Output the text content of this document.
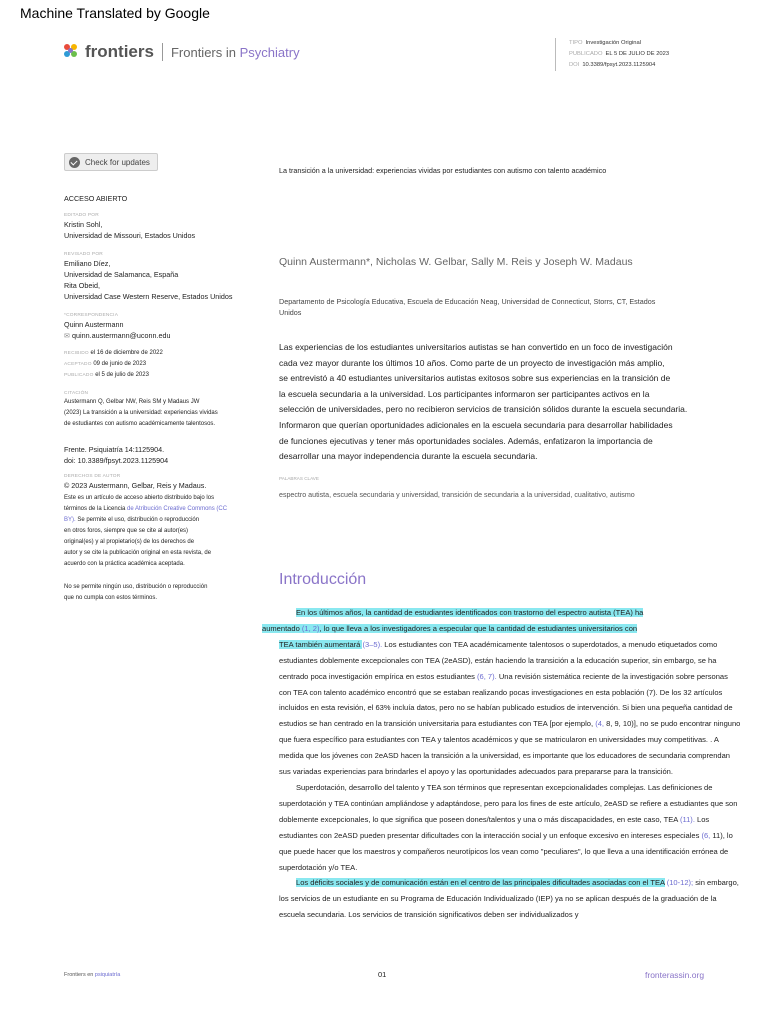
Machine Translated by Google
frontiers Frontiers in Psychiatry
TIPO Investigación Original
PUBLICADO EL 5 DE JULIO DE 2023
DOI 10.3389/fpsyt.2023.1125904
Check for updates
La transición a la universidad: experiencias vividas por estudiantes con autismo con talento académico
ACCESO ABIERTO
EDITADO POR
Kristin Sohl,
Universidad de Missouri, Estados Unidos
REVISADO POR
Emiliano Díez,
Universidad de Salamanca, España
Rita Obeid,
Universidad Case Western Reserve, Estados Unidos
*CORRESPONDENCIA
Quinn Austermann
✉ quinn.austermann@uconn.edu
RECIBIDO el 16 de diciembre de 2022
ACEPTADO 09 de junio de 2023
PUBLICADO el 5 de julio de 2023
CITACIÓN
Austermann Q, Gelbar NW, Reis SM y Madaus JW
(2023) La transición a la universidad: experiencias vividas
de estudiantes con autismo académicamente talentosos.
Frente. Psiquiatría 14:1125904.
doi: 10.3389/fpsyt.2023.1125904
DERECHOS DE AUTOR
© 2023 Austermann, Gelbar, Reis y Madaus.
Este es un artículo de acceso abierto distribuido bajo los
términos de la Licencia de Atribución Creative Commons (CC
BY). Se permite el uso, distribución o reproducción
en otros foros, siempre que se cite al autor(es)
original(es) y al propietario(s) de los derechos de
autor y se cite la publicación original en esta revista, de
acuerdo con la práctica académica aceptada.
No se permite ningún uso, distribución o reproducción
que no cumpla con estos términos.
Quinn Austermann*, Nicholas W. Gelbar, Sally M. Reis y Joseph W. Madaus
Departamento de Psicología Educativa, Escuela de Educación Neag, Universidad de Connecticut, Storrs, CT, Estados Unidos
Las experiencias de los estudiantes universitarios autistas se han convertido en un foco de investigación
cada vez mayor durante los últimos 10 años. Como parte de un proyecto de investigación más amplio,
se entrevistó a 40 estudiantes universitarios autistas exitosos sobre sus experiencias en la transición de
la escuela secundaria a la universidad. Los participantes informaron ser participantes activos en la
selección de universidades, pero no recibieron servicios de transición sólidos durante la escuela secundaria.
Informaron que querían oportunidades adicionales en la escuela secundaria para desarrollar habilidades
de funciones ejecutivas y tener más oportunidades sociales. Además, enfatizaron la importancia de
desarrollar una mayor independencia durante la escuela secundaria.
PALABRAS CLAVE
espectro autista, escuela secundaria y universidad, transición de secundaria a la universidad, cualitativo, autismo
Introducción

En los últimos años, la cantidad de estudiantes identificados con trastorno del espectro autista (TEA) ha
aumentado (1, 2), lo que lleva a los investigadores a especular que la cantidad de estudiantes universitarios con
TEA también aumentará (3–5). Los estudiantes con TEA académicamente talentosos o superdotados, a menudo etiquetados como estudiantes doblemente excepcionales con TEA (2eASD), están haciendo la transición a la educación superior, sin embargo, se ha centrado poca investigación empírica en estos estudiantes (6, 7). Una revisión sistemática reciente de la investigación sobre personas con TEA con talento académico encontró que se estaban realizando pocas investigaciones en esta población (7). De los 32 artículos incluidos en esta revisión, el 63% incluía datos, pero no se habían publicado estudios de intervención. Si bien una pequeña cantidad de estudios se han centrado en la transición universitaria para estudiantes con TEA [por ejemplo, (4, 8, 9, 10)], no se pudo encontrar ninguno que fuera específico para estudiantes con TEA y talentos académicos y que se matricularon en universidades muy competitivas. . A medida que los jóvenes con 2eASD hacen la transición a la universidad, es importante que los educadores de secundaria comprendan sus variadas experiencias para brindarles el apoyo y las oportunidades adecuados para prepararse para la transición.

Superdotación, desarrollo del talento y TEA son términos que representan excepcionalidades complejas. Las definiciones de superdotación y TEA continúan ampliándose y adaptándose, pero para los fines de este artículo, 2eASD se refiere a estudiantes que son doblemente excepcionales, lo que significa que poseen dones/talentos y una o más discapacidades, en este caso, TEA (11). Los estudiantes con 2eASD pueden presentar dificultades con la interacción social y un enfoque excesivo en intereses especiales (6, 11), lo que puede hacer que los maestros y compañeros neurotípicos los vean como "peculiares", lo que lleva a una identificación errónea de superdotación y/o TEA.

Los déficits sociales y de comunicación están en el centro de las principales dificultades asociadas con el TEA (10-12); sin embargo, los servicios de un estudiante en su Programa de Educación Individualizado (IEP) ya no se aplican después de la graduación de la escuela secundaria. Los servicios de transición significativos deben ser individualizados y

Frontiers en psiquiatría	01	fronterassin.org
